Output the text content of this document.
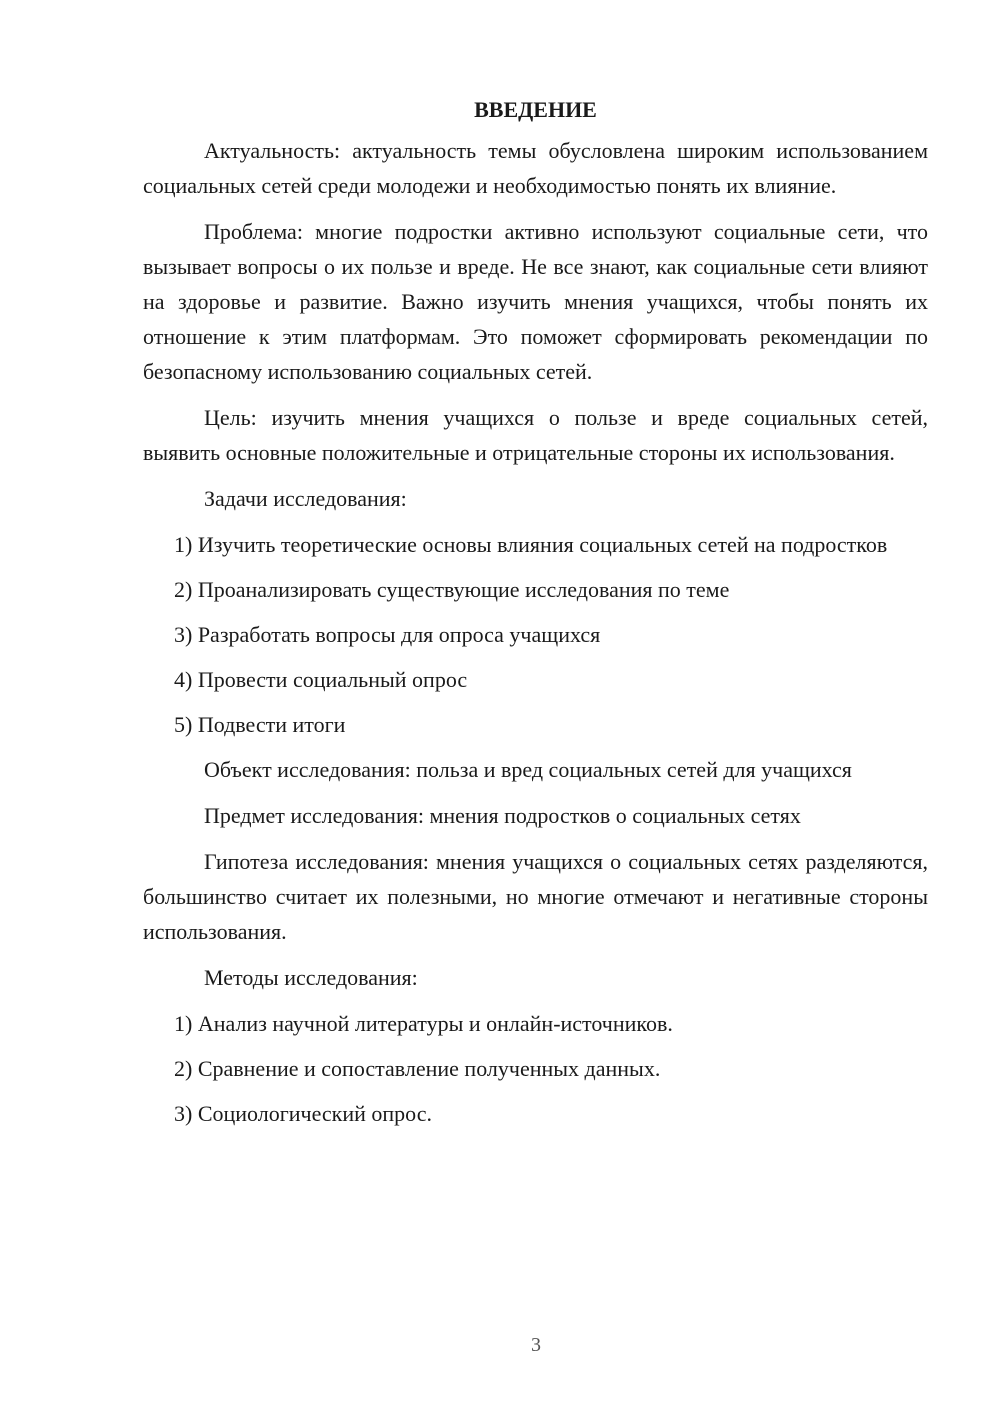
ВВЕДЕНИЕ

Актуальность: актуальность темы обусловлена широким использованием социальных сетей среди молодежи и необходимостью понять их влияние.

Проблема: многие подростки активно используют социальные сети, что вызывает вопросы о их пользе и вреде. Не все знают, как социальные сети влияют на здоровье и развитие. Важно изучить мнения учащихся, чтобы понять их отношение к этим платформам. Это поможет сформировать рекомендации по безопасному использованию социальных сетей.

Цель: изучить мнения учащихся о пользе и вреде социальных сетей, выявить основные положительные и отрицательные стороны их использования.

Задачи исследования:

1) Изучить теоретические основы влияния социальных сетей на подростков

2) Проанализировать существующие исследования по теме

3) Разработать вопросы для опроса учащихся

4) Провести социальный опрос

5) Подвести итоги

Объект исследования: польза и вред социальных сетей для учащихся

Предмет исследования: мнения подростков о социальных сетях

Гипотеза исследования: мнения учащихся о социальных сетях разделяются, большинство считает их полезными, но многие отмечают и негативные стороны использования.

Методы исследования:

1) Анализ научной литературы и онлайн-источников.

2) Сравнение и сопоставление полученных данных.

3) Социологический опрос.

3
